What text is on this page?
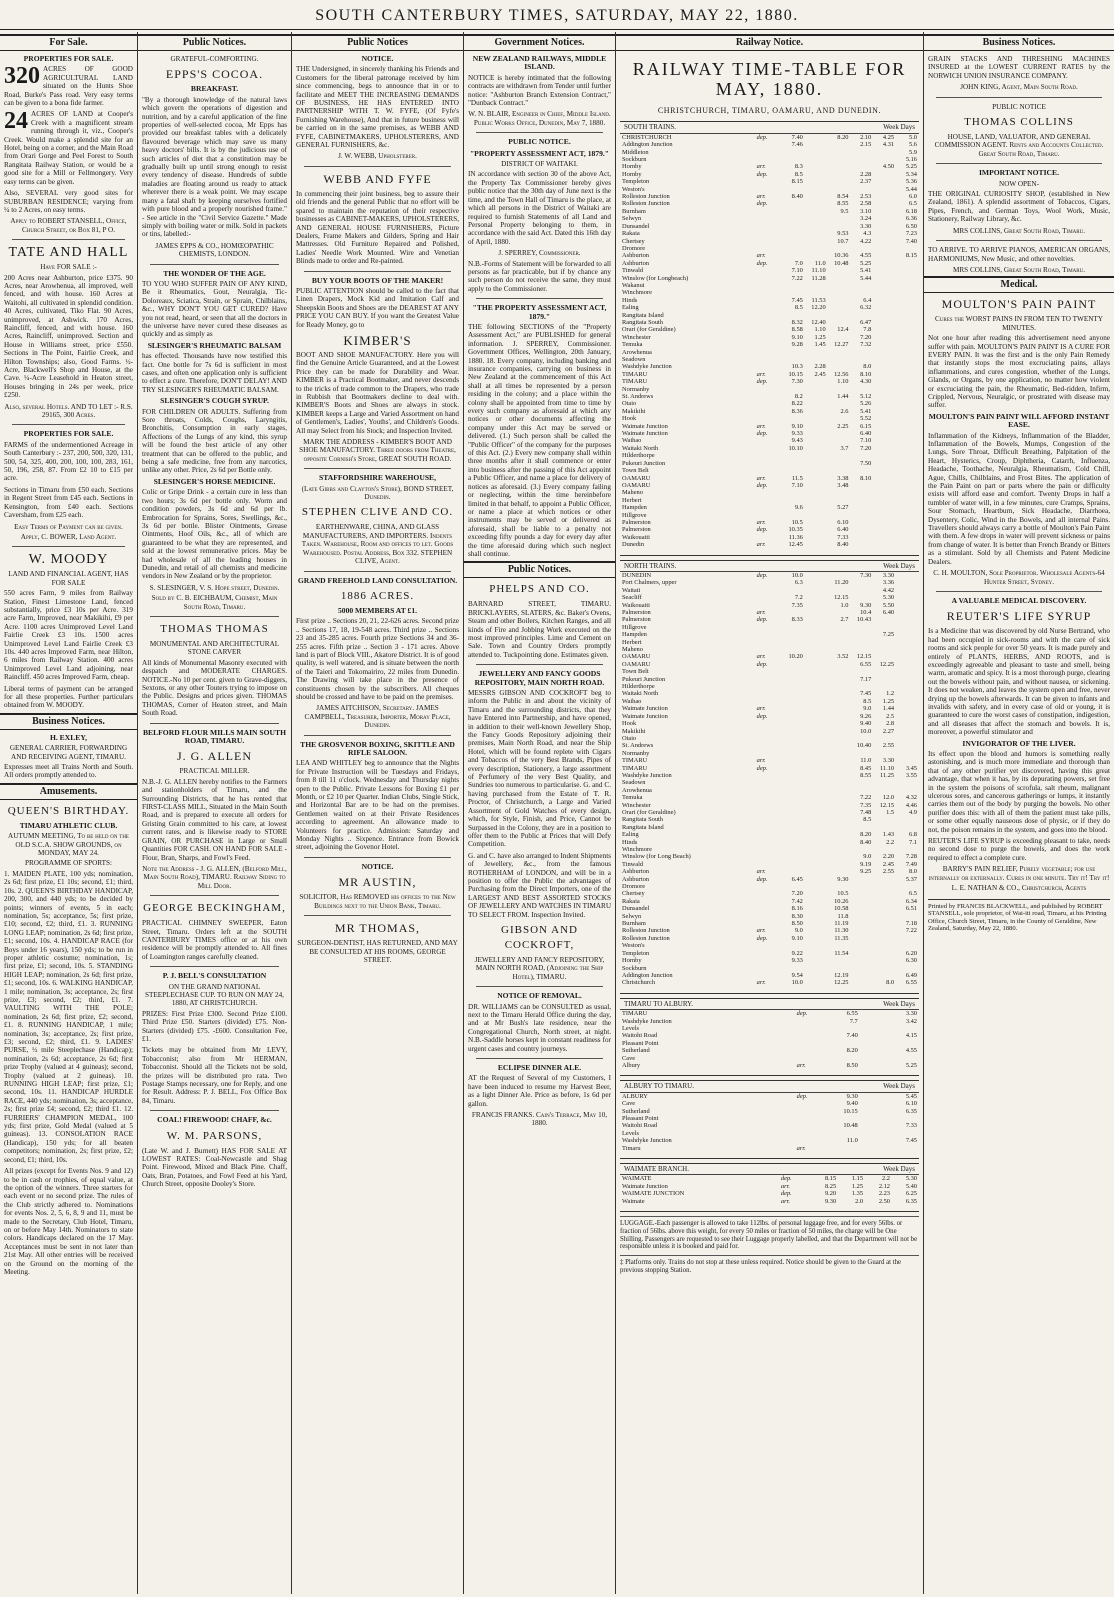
SOUTH CANTERBURY TIMES, SATURDAY, MAY 22, 1880.
For Sale.
PROPERTIES FOR SALE.

320 ACRES OF GOOD AGRICULTURAL LAND situated on the Hunts Shoe Road, Burke's Pass road. Very easy terms can be given to a bona fide farmer.

24 ACRES OF LAND at Cooper's Creek with a magnificent stream running through it, viz., Cooper's Creek. Would make a splendid site for an Hotel, being on a corner, and the Main Road from Orari Gorge and Peel Forest to South Rangitata Railway Station, or would be a good site for a Mill or Fellmongery. Very easy terms can be given.

Also, SEVERAL very good sites for SUBURBAN RESIDENCE; varying from ¼ to 2 Acres, on easy terms.

Apply to ROBERT STANSELL, Office, Church Street, or Box 81, P O.

TATE AND HALL
Have FOR SALE :-

200 Acres near Ashburton, price £375. 90 Acres, near Arowhenua, all improved, well fenced, and with house. 160 Acres at Waitohi, all cultivated in splendid condition. 40 Acres, cultivated, Tiko Flat. 90 Acres, unimproved, at Ashwick. 170 Acres, Raincliff, fenced, and with house. 160 Acres, Raincliff, unimproved. Section and House in Williams street, price £550. Sections in The Point, Fairlie Creek, and Hilton Townships; also, Good Farms. ½-Acre, Blackwell's Shop and House, at the Cave. ¼-Acre Leasehold in Heaton street, Houses bringing in 24s per week, price £250.

Also, several Hotels. AND TO LET :- R.S. 29165, 300 Acres.

PROPERTIES FOR SALE.

FARMS of the undermentioned Acreage in South Canterbury :- 237, 200, 500, 320, 131, 500, 54, 325, 400, 200, 100, 100, 283, 161, 50, 196, 258, 87. From £2 10 to £15 per acre.

Sections in Timaru from £50 each. Sections in Regent Street from £45 each. Sections in Kensington, from £40 each. Sections Caversham, from £25 each.

Easy Terms of Payment can be given.

Apply, C. BOWER, Land Agent.

W. MOODY
LAND AND FINANCIAL AGENT, HAS FOR SALE

550 acres Farm, 9 miles from Railway Station, Finest Limestone Land, fenced substantially, price £3 10s per Acre. 319 acre Farm, Improved, near Makikihi, £9 per Acre. 1100 acres Unimproved Level Land Fairlie Creek £3 10s. 1500 acres Unimproved Level Land Fairlie Creek £3 10s. 440 acres Improved Farm, near Hilton, 6 miles from Railway Station. 400 acres Unimproved Level Land adjoining, near Raincliff. 450 acres Improved Farm, cheap.

Liberal terms of payment can be arranged for all these properties. Further particulars obtained from W. MOODY.

Business Notices.
H. EXLEY,

GENERAL CARRIER, FORWARDING AND RECEIVING AGENT, TIMARU.

Expresses meet all Trains North and South. All orders promptly attended to.

Amusements.
QUEEN'S BIRTHDAY.
TIMARU ATHLETIC CLUB.

AUTUMN MEETING, To be held on the OLD S.C.A. SHOW GROUNDS, on MONDAY, MAY 24.

PROGRAMME OF SPORTS:

1. MAIDEN PLATE, 100 yds; nomination, 2s 6d; first prize, £1 10s; second, £1; third, 10s. 2. QUEEN'S BIRTHDAY HANDICAP, 200, 300, and 440 yds; to be decided by points; winners of events, 5 in each; nomination, 5s; acceptance, 5s; first prize, £10; second, £2; third, £1. 3. RUNNING LONG LEAP; nomination, 2s 6d; first prize, £1; second, 10s. 4. HANDICAP RACE (for Boys under 16 years), 150 yds; to be run in proper athletic costume; nomination, 1s; first prize, £1; second, 10s. 5. STANDING HIGH LEAP; nomination, 2s 6d; first prize, £1; second, 10s. 6. WALKING HANDICAP, 1 mile; nomination, 3s; acceptance, 2s; first prize, £3; second, £2; third, £1. 7. VAULTING WITH THE POLE; nomination, 2s 6d; first prize, £2; second, £1. 8. RUNNING HANDICAP, 1 mile; nomination, 3s; acceptance, 2s; first prize, £3; second, £2; third, £1. 9. LADIES' PURSE, ½ mile Steeplechase (Handicap); nomination, 2s 6d; acceptance, 2s 6d; first prize Trophy (valued at 4 guineas); second, Trophy (valued at 2 guineas). 10. RUNNING HIGH LEAP; first prize, £1; second, 10s. 11. HANDICAP HURDLE RACE, 440 yds; nomination, 3s; acceptance, 2s; first prize £4; second, £2; third £1. 12. FURRIERS' CHAMPION MEDAL, 100 yds; first prize, Gold Medal (valued at 5 guineas). 13. CONSOLATION RACE (Handicap), 150 yds; for all beaten competitors; nomination, 2s; first prize, £2; second, £1; third, 10s.

All prizes (except for Events Nos. 9 and 12) to be in cash or trophies, of equal value, at the option of the winners. Three starters for each event or no second prize. The rules of the Club strictly adhered to. Nominations for events Nos. 2, 5, 6, 8, 9 and 11, must be made to the Secretary, Club Hotel, Timaru, on or before May 14th. Nominators to state colors. Handicaps declared on the 17 May. Acceptances must be sent in not later than 21st May. All other entries will be received on the Ground on the morning of the Meeting.

Public Notices.
GRATEFUL-COMFORTING.
EPPS'S COCOA.
BREAKFAST.

"By a thorough knowledge of the natural laws which govern the operations of digestion and nutrition, and by a careful application of the fine properties of well-selected cocoa, Mr Epps has provided our breakfast tables with a delicately flavoured beverage which may save us many heavy doctors' bills. It is by the judicious use of such articles of diet that a constitution may be gradually built up until strong enough to resist every tendency of disease. Hundreds of subtle maladies are floating around us ready to attack wherever there is a weak point. We may escape many a fatal shaft by keeping ourselves fortified with pure blood and a properly nourished frame." - See article in the "Civil Service Gazette." Made simply with boiling water or milk. Sold in packets or tins, labelled:-

JAMES EPPS & CO., HOMŒOPATHIC CHEMISTS, LONDON.

THE WONDER OF THE AGE.

TO YOU WHO SUFFER PAIN OF ANY KIND, Be it Rheumatics, Gout, Neuralgia, Tic-Doloreaux, Sciatica, Strain, or Sprain, Chilblains, &c., WHY DON'T YOU GET CURED? Have you not read, heard, or seen that all the doctors in the universe have never cured these diseases as quickly and as simply as

SLESINGER'S RHEUMATIC BALSAM

has effected. Thousands have now testified this fact. One bottle for 7s 6d is sufficient in most cases, and often one application only is sufficient to effect a cure. Therefore, DON'T DELAY! AND TRY SLESINGER'S RHEUMATIC BALSAM.

SLESINGER'S COUGH SYRUP.

FOR CHILDREN OR ADULTS. Suffering from Sore throats, Colds, Coughs, Laryngitis, Bronchitis, Consumption in early stages, Affections of the Lungs of any kind, this syrup will be found the best article of any other treatment that can be offered to the public, and being a safe medicine, free from any narcotics, unlike any other. Price, 2s 6d per Bottle only.

SLESINGER'S HORSE MEDICINE.

Colic or Gripe Drink - a certain cure in less than two hours; 3s 6d per bottle only. Worm and condition powders, 3s 6d and 6d per lb. Embrocation for Sprains, Sores, Swellings, &c., 3s 6d per bottle. Blister Ointments, Grease Ointments, Hoof Oils, &c., all of which are guaranteed to be what they are represented, and sold at the lowest remunerative prices. May be had wholesale of all the leading houses in Dunedin, and retail of all chemists and medicine vendors in New Zealand or by the proprietor.

S. SLESINGER, V. S. Hope street, Dunedin.

Sold by C. B. EICHBAUM, Chemist, Main South Road, Timaru.

THOMAS THOMAS
MONUMENTAL AND ARCHITECTURAL STONE CARVER

All kinds of Monumental Masonry executed with despatch and MODERATE CHARGES. NOTICE.-No 10 per cent. given to Grave-diggers, Sextons, or any other Touters trying to impose on the Public. Designs and prices given. THOMAS THOMAS, Corner of Heaton street, and Main South Road.

BELFORD FLOUR MILLS MAIN SOUTH ROAD, TIMARU.
J. G. ALLEN
PRACTICAL MILLER.

N.B.-J. G. ALLEN hereby notifies to the Farmers and stationholders of Timaru, and the Surrounding Districts, that he has rented that FIRST-CLASS MILL, Situated in the Main South Road, and is prepared to execute all orders for Gristing Grain committed to his care, at lowest current rates, and is likewise ready to STORE GRAIN, OR PURCHASE in Large or Small Quantities FOR CASH. ON HAND FOR SALE - Flour, Bran, Sharps, and Fowl's Feed.

Note the Address - J. G. ALLEN, (Belford Mill, Main South Road), TIMARU. Railway Siding to Mill Door.

GEORGE BECKINGHAM,

PRACTICAL CHIMNEY SWEEPER, Eaton Street, Timaru. Orders left at the SOUTH CANTERBURY TIMES office or at his own residence will be promptly attended to. All fines of Loamington ranges carefully cleaned.

P. J. BELL'S CONSULTATION

ON THE GRAND NATIONAL STEEPLECHASE CUP. TO RUN ON MAY 24, 1880, AT CHRISTCHURCH.

PRIZES: First Prize £300. Second Prize £100. Third Prize £50. Starters (divided) £75. Non-Starters (divided) £75. -£600. Consultation Fee, £1.

Tickets may be obtained from Mr LEVY, Tobacconist; also from Mr HERMAN, Tobacconist. Should all the Tickets not be sold, the prizes will be distributed pro rata. Two Postage Stamps necessary, one for Reply, and one for Result. Address: P. J. BELL, Fox Office Box 84, Timaru.

COAL! FIREWOOD! CHAFF, &c.
W. M. PARSONS,

(Late W. and J. Burnett) HAS FOR SALE AT LOWEST RATES: Coal-Newcastle and Shag Point. Firewood, Mixed and Black Pine. Chaff, Oats, Bran, Potatoes, and Fowl Feed at his Yard, Church Street, opposite Dooley's Store.

Public Notices
NOTICE.

THE Undersigned, in sincerely thanking his Friends and Customers for the liberal patronage received by him since commencing, begs to announce that in or to facilitate and MEET THE INCREASING DEMANDS OF BUSINESS, HE HAS ENTERED INTO PARTNERSHIP WITH T. W. FYFE, (Of Fyfe's Furnishing Warehouse), And that in future business will be carried on in the same premises, as WEBB AND FYFE, CABINETMAKERS, UPHOLSTERERS, AND GENERAL FURNISHERS, &c.

J. W. WEBB, Upholsterer.

WEBB AND FYFE

In commencing their joint business, beg to assure their old friends and the general Public that no effort will be spared to maintain the reputation of their respective businesses as CABINET-MAKERS, UPHOLSTERERS, AND GENERAL HOUSE FURNISHERS, Picture Dealers, Frame Makers and Gilders, Spring and Hair Mattresses. Old Furniture Repaired and Polished, Ladies' Needle Work Mounted. Wire and Venetian Blinds made to order and Re-painted.

BUY YOUR BOOTS OF THE MAKER!

PUBLIC ATTENTION should be called to the fact that Linen Drapers, Mock Kid and Imitation Calf and Sheepskin Boots and Shoes are the DEAREST AT ANY PRICE YOU CAN BUY. If you want the Greatest Value for Ready Money, go to

KIMBER'S

BOOT AND SHOE MANUFACTORY. Here you will find the Genuine Article Guaranteed, and at the Lowest Price they can be made for Durability and Wear. KIMBER is a Practical Bootmaker, and never descends to the tricks of trade common to the Drapers, who trade in Rubbish that Bootmakers decline to deal with. KIMBER'S Boots and Shoes are always in stock. KIMBER keeps a Large and Varied Assortment on hand of Gentlemen's, Ladies', Youths', and Children's Goods. All may Select from his Stock; and Inspection Invited.

MARK THE ADDRESS - KIMBER'S BOOT AND SHOE MANUFACTORY. Three doors from Theatre, opposite Cornish's Store, GREAT SOUTH ROAD.

STAFFORDSHIRE WAREHOUSE,

(Late Gibbs and Clayton's Store), BOND STREET, Dunedin.

STEPHEN CLIVE AND CO.

EARTHENWARE, CHINA, AND GLASS MANUFACTURERS, AND IMPORTERS. Indents Taken. Warehouse, Room and offices to let. Goods Warehoused. Postal Address, Box 332. STEPHEN CLIVE, Agent.

GRAND FREEHOLD LAND CONSULTATION.
1886 ACRES.
5000 MEMBERS AT £1.

First prize .. Sections 20, 21, 22-626 acres. Second prize .. Sections 17, 18, 19-548 acres. Third prize .. Sections 23 and 35-285 acres. Fourth prize Sections 34 and 36-255 acres. Fifth prize .. Section 3 - 171 acres. Above land is part of Block VIII., Akatore District. It is of good quality, is well watered, and is situate between the north of the Taieri and Tokomairiro, 22 miles from Dunedin. The Drawing will take place in the presence of constituents chosen by the subscribers. All cheques should be crossed and have to be paid on the premises.

JAMES AITCHISON, Secretary. JAMES CAMPBELL, Treasurer, Importer, Moray Place, Dunedin.

THE GROSVENOR BOXING, SKITTLE AND RIFLE SALOON.

LEA AND WHITLEY beg to announce that the Nights for Private Instruction will be Tuesdays and Fridays, from 8 till 11 o'clock. Wednesday and Thursday nights open to the Public. Private Lessons for Boxing £1 per Month, or £2 10 per Quarter. Indian Clubs, Single Stick, and Horizontal Bar are to be had on the premises. Gentlemen waited on at their Private Residences according to agreement. An allowance made to Volunteers for practice. Admission: Saturday and Monday Nights .. Sixpence. Entrance from Bowick street, adjoining the Govenor Hotel.

NOTICE.
MR AUSTIN,

SOLICITOR, Has REMOVED his offices to the New Buildings next to the Union Bank, Timaru.

MR THOMAS,

SURGEON-DENTIST, HAS RETURNED, AND MAY BE CONSULTED AT HIS ROOMS, GEORGE STREET.

Government Notices.
NEW ZEALAND RAILWAYS, MIDDLE ISLAND.

NOTICE is hereby intimated that the following contracts are withdrawn from Tender until further notice: "Ashburton Branch Extension Contract," "Dunback Contract."

W. N. BLAIR, Engineer in Chief, Middle Island. Public Works Office, Dunedin, May 7, 1880.

PUBLIC NOTICE.
"PROPERTY ASSESSMENT ACT, 1879."
DISTRICT OF WAITAKI.

IN accordance with section 30 of the above Act, the Property Tax Commissioner hereby gives public notice that the 30th day of June next is the time, and the Town Hall of Timaru is the place, at which all persons in the District of Waitaki are required to furnish Statements of all Land and Personal Property belonging to them, in accordance with the said Act. Dated this 16th day of April, 1880.

J. SPERREY, Commissioner.

N.B.-Forms of Statement will be forwarded to all persons as far practicable, but if by chance any such person do not receive the same, they must apply to the Commissioner.

"THE PROPERTY ASSESSMENT ACT, 1879."

THE following SECTIONS of the "Property Assessment Act," are PUBLISHED for general information. J. SPERREY, Commissioner. Government Offices, Wellington, 20th January, 1880. 18. Every company, including banking and insurance companies, carrying on business in New Zealand at the commencement of this Act shall at all times be represented by a person residing in the colony; and a place within the colony shall be appointed from time to time by every such company as aforesaid at which any notices or other documents affecting the company under this Act may be served or delivered. (1.) Such person shall be called the "Public Officer" of the company for the purposes of this Act. (2.) Every new company shall within three months after it shall commence or enter into business after the passing of this Act appoint a Public Officer, and name a place for delivery of notices as aforesaid. (3.) Every company failing or neglecting, within the time hereinbefore limited in that behalf, to appoint a Public Officer, or name a place at which notices or other instruments may be served or delivered as aforesaid, shall be liable to a penalty not exceeding fifty pounds a day for every day after the time aforesaid during which such neglect shall continue.

Public Notices.
PHELPS AND CO.

BARNARD STREET, TIMARU. BRICKLAYERS, SLATERS, &c. Baker's Ovens, Steam and other Boilers, Kitchen Ranges, and all kinds of Fire and Jobbing Work executed on the most improved principles. Lime and Cement on Sale. Town and Country Orders promptly attended to. Tuckpointing done. Estimates given.

JEWELLERY AND FANCY GOODS REPOSITORY, MAIN NORTH ROAD.

MESSRS GIBSON AND COCKROFT beg to inform the Public in and about the vicinity of Timaru and the surrounding districts, that they have Entered into Partnership, and have opened, in addition to their well-known Jewellery Shop, the Fancy Goods Repository adjoining their premises, Main North Road, and near the Ship Hotel, which will be found replete with Cigars and Tobaccos of the very Best Brands, Pipes of every description, Stationery, a large assortment of Perfumery of the very Best Quality, and Sundries too numerous to particularise. G. and C. having purchased from the Estate of T. R. Proctor, of Christchurch, a Large and Varied Assortment of Gold Watches of every design, which, for Style, Finish, and Price, Cannot be Surpassed in the Colony, they are in a position to offer them to the Public at Prices that will Defy Competition.

G. and C. have also arranged to Indent Shipments of Jewellery, &c., from the famous ROTHERHAM of LONDON, and will be in a position to offer the Public the advantages of Purchasing from the Direct Importers, one of the LARGEST AND BEST ASSORTED STOCKS OF JEWELLERY AND WATCHES IN TIMARU TO SELECT FROM. Inspection Invited.

GIBSON AND COCKROFT,

JEWELLERY AND FANCY REPOSITORY, MAIN NORTH ROAD, (Adjoining the Ship Hotel), TIMARU.

NOTICE OF REMOVAL.

DR. WILLIAMS can be CONSULTED as usual, next to the Timaru Herald Office during the day, and at Mr Bush's late residence, near the Congregational Church, North street, at night. N.B.-Saddle horses kept in constant readiness for urgent cases and country journeys.

ECLIPSE DINNER ALE.

AT the Request of Several of my Customers, I have been induced to resume my Harvest Beer, as a light Dinner Ale. Price as before, 1s 6d per gallon.

FRANCIS FRANKS. Cain's Terrace, May 10, 1880.

Railway Notice.
RAILWAY TIME-TABLE FOR MAY, 1880.
CHRISTCHURCH, TIMARU, OAMARU, AND DUNEDIN.
SOUTH TRAINS.	Week Days
CHRISTCHURCH	dep.	7.40		8.20	2.10	4.25	5.0
Addington Junction		7.46			2.15	4.31	5.6
Middleton							5.9
Sockburn							5.16
Hornby	arr.	8.3				4.50	5.25
Hornby	dep.	8.5			2.28		5.34
Templeton		8.15			2.37		5.36
Weston's							5.44
Rolleston Junction	arr.	8.40		8.54	2.53		6.0
Rolleston Junction	dep.			8.55	2.58		6.5
Burnham				9.5	3.10		6.18
Selwyn					3.24		6.36
Dunsandel					3.30		6.50
Rakaia				9.53	4.3		7.23
Chertsey				10.7	4.22		7.40
Dromore							
Ashburton	arr.			10.36	4.55		8.15
Ashburton	dep.	7.0	11.0	10.48	5.25		
Tinwald		7.10	11.10		5.41		
Winslow (for Longbeach)		7.22	11.28		5.44		
Wakanui							
Winchmore							
Hinds		7.45	11.53		6.4		
Ealing		8.5	12.20		6.32		
Rangitata Island							
Rangitata South		8.32	12.40		6.47		
Orari (for Geraldine)		8.58	1.10	12.4	7.8		
Winchester		9.10	1.25		7.20		
Temuka		9.28	1.45	12.27	7.32		
Arowhenua							
Seadown							
Washdyke Junction		10.3	2.28		8.0		
TIMARU	arr.	10.15	2.45	12.56	8.10		
TIMARU	dep.	7.30		1.10	4.30		
Normanby							
St. Andrews		8.2		1.44	5.12		
Otaio		8.22			5.26		
Makikihi		8.36		2.6	5.41		
Hook					5.52		
Waimate Junction	arr.	9.10		2.25	6.15		
Waimate Junction	dep.	9.33			6.40		
Waihao		9.43			7.10		
Waitaki North		10.10		3.7	7.20		
Hilderthorpe							
Pukeuri Junction					7.50		
Town Belt							
OAMARU	arr.	11.5		3.38	8.10		
OAMARU	dep.	7.10		3.48			
Maheno							
Herbert							
Hampden		9.6		5.27			
Hillgrove							
Palmerston	arr.	10.5		6.10			
Palmerston	dep.	10.35		6.40			
Waikouaiti		11.36		7.33			
Dunedin	arr.	12.45		8.40			
NORTH TRAINS.	Week Days
DUNEDIN	dep.	10.0			7.30	3.30	
Port Chalmers, upper		6.3		11.20		3.36	
Waitati						4.42	
Seacliff		7.2		12.15		5.30	
Waikouaiti		7.35		1.0	9.30	5.50	
Palmerston	arr.				10.4	6.40	
Palmerston	dep.	8.33		2.7	10.43		
Hillgrove							
Hampden						7.25	
Herbert							
Maheno							
OAMARU	arr.	10.20		3.52	12.15		
OAMARU	dep.				6.55	12.25	
Town Belt							
Pukeuri Junction					7.17		
Hilderthorpe							
Waitaki North					7.45	1.2	
Waihao					8.5	1.25	
Waimate Junction	arr.				9.0	1.44	
Waimate Junction	dep.				9.26	2.5	
Hook					9.40	2.8	
Makikihi					10.0	2.27	
Otaio							
St. Andrews					10.40	2.55	
Normanby							
TIMARU	arr.				11.0	3.30	
TIMARU	dep.				8.45	11.10	3.45
Washdyke Junction					8.55	11.25	3.55
Seadown							
Arowhenua							
Temuka					7.22	12.0	4.32
Winchester					7.35	12.15	4.46
Orari (for Geraldine)					7.48	1.5	4.9
Rangitata South					8.5		
Rangitata Island							
Ealing					8.20	1.43	6.8
Hinds					8.40	2.2	7.1
Winchmore							
Winslow (for Long Beach)					9.0	2.20	7.28
Tinwald					9.19	2.45	7.49
Ashburton	arr.				9.25	2.55	8.0
Ashburton	dep.	6.45		9.30			5.37
Dromore							
Chertsey		7.20		10.5			6.5
Rakaia		7.42		10.26			6.34
Dunsandel		8.16		10.58			6.51
Selwyn		8.30		11.8			
Burnham		8.50		11.19			7.18
Rolleston Junction	arr.	9.0		11.30			7.22
Rolleston Junction	dep.	9.10		11.35			
Weston's							
Templeton		9.22		11.54			6.20
Hornby		9.33					6.30
Sockburn							
Addington Junction		9.54		12.19			6.49
Christchurch	arr.	10.0		12.25		8.0	6.55
TIMARU TO ALBURY.	Week Days
TIMARU	dep.	6.55		3.30
Washdyke Junction		7.7		3.42
Levels				
Waitohi Road		7.40		4.15
Pleasant Point				
Sutherland		8.20		4.55
Cave				
Albury	arr.	8.50		5.25
ALBURY TO TIMARU.	Week Days
ALBURY	dep.	9.30		5.45
Cave		9.40		6.10
Sutherland		10.15		6.35
Pleasant Point				
Waitohi Road		10.48		7.33
Levels				
Washdyke Junction		11.0		7.45
Timaru	arr.			
WAIMATE BRANCH.	Week Days
WAIMATE	dep.	8.15	1.15	2.2	5.30
Waimate Junction	arr.	8.25	1.25	2.12	5.40
WAIMATE JUNCTION	dep.	9.20	1.35	2.23	6.25
Waimate	arr.	9.30	2.0	2.50	6.35
LUGGAGE.-Each passenger is allowed to take 112lbs. of personal luggage free, and for every 56lbs. or fraction of 56lbs. above this weight, for every 50 miles or fraction of 50 miles, the charge will be One Shilling. Passengers are requested to see their Luggage properly labelled, and that the Department will not be responsible unless it is booked and paid for.
‡ Platforms only. Trains do not stop at these unless required. Notice should be given to the Guard at the previous stopping Station.
Business Notices.

GRAIN STACKS AND THRESHING MACHINES INSURED at the LOWEST CURRENT RATES by the NORWICH UNION INSURANCE COMPANY.

JOHN KING, Agent, Main South Road.

PUBLIC NOTICE
THOMAS COLLINS

HOUSE, LAND, VALUATOR, AND GENERAL COMMISSION AGENT. Rents and Accounts Collected. Great South Road, Timaru.

IMPORTANT NOTICE.
NOW OPEN-

THE ORIGINAL CURIOSITY SHOP, (established in New Zealand, 1861). A splendid assortment of Tobaccos, Cigars, Pipes, French, and German Toys, Wool Work, Music, Stationery, Railway Library, &c.

MRS COLLINS, Great South Road, Timaru.

TO ARRIVE. TO ARRIVE PIANOS, AMERICAN ORGANS, HARMONIUMS, New Music, and other novelties.

MRS COLLINS, Great South Road, Timaru.

Medical.
MOULTON'S PAIN PAINT

Cures the WORST PAINS IN FROM TEN TO TWENTY MINUTES.

Not one hour after reading this advertisement need anyone suffer with pain. MOULTON'S PAIN PAINT IS A CURE FOR EVERY PAIN. It was the first and is the only Pain Remedy that instantly stops the most excruciating pains, allays inflammations, and cures congestion, whether of the Lungs, Glands, or Organs, by one application, no matter how violent or excruciating the pain, the Rheumatic, Bed-ridden, Infirm, Crippled, Nervous, Neuralgic, or prostrated with disease may suffer.

MOULTON'S PAIN PAINT WILL AFFORD INSTANT EASE.

Inflammation of the Kidneys, Inflammation of the Bladder, Inflammation of the Bowels, Mumps, Congestion of the Lungs, Sore Throat, Difficult Breathing, Palpitation of the Heart, Hysterics, Croup, Diphtheria, Catarrh, Influenza, Headache, Toothache, Neuralgia, Rheumatism, Cold Chill, Ague, Chills, Chilblains, and Frost Bites. The application of the Pain Paint on part or parts where the pain or difficulty exists will afford ease and comfort. Twenty Drops in half a tumbler of water will, in a few minutes, cure Cramps, Sprains, Sour Stomach, Heartburn, Sick Headache, Diarrhoea, Dysentery, Colic, Wind in the Bowels, and all internal Pains. Travellers should always carry a bottle of Moulton's Pain Paint with them. A few drops in water will prevent sickness or pains from change of water. It is better than French Brandy or Bitters as a stimulant. Sold by all Chemists and Patent Medicine Dealers.

C. H. MOULTON, Sole Proprietor. Wholesale Agents-64 Hunter Street, Sydney.

A VALUABLE MEDICAL DISCOVERY.
REUTER'S LIFE SYRUP

Is a Medicine that was discovered by old Nurse Bertrand, who had been occupied in sick-rooms and with the care of sick rooms and sick people for over 50 years. It is made purely and entirely of PLANTS, HERBS, AND ROOTS, and is exceedingly agreeable and pleasant to taste and smell, being warm, aromatic and spicy. It is a most thorough purge, clearing out the bowels without pain, and without nausea, or sickening. It does not weaken, and leaves the system open and free, never drying up the bowels afterwards. It can be given to infants and invalids with safety, and in every case of old or young, it is guaranteed to cure the worst cases of constipation, indigestion, and all diseases that affect the stomach and bowels. It is, moreover, a powerful stimulator and

INVIGORATOR OF THE LIVER.

Its effect upon the blood and humors is something really astonishing, and is much more immediate and thorough than that of any other purifier yet discovered, having this great advantage, that when it has, by its depurating powers, set free in the system the poisons of scrofula, salt rheum, malignant ulcerous sores, and cancerous gatherings or lumps, it instantly carries them out of the body by purging the bowels. No other purifier does this: with all of them the patient must take pills, or some other equally nauseous dose of physic, or if they do not, the poison remains in the system, and goes into the blood.

REUTER'S LIFE SYRUP is exceeding pleasant to take, needs no second dose to purge the bowels, and does the work required to effect a complete cure.

BARRY'S PAIN RELIEF, Purely vegetable; for use internally or externally. Cures in one minute. Try it! Try it!

L. E. NATHAN & CO., Christchurch, Agents

Printed by FRANCIS BLACKWELL, and published by ROBERT STANSELL, sole proprietor, of Wai-iti road, Timaru, at his Printing Office, Church Street, Timaru, in the County of Geraldine, New Zealand, Saturday, May 22, 1880.
